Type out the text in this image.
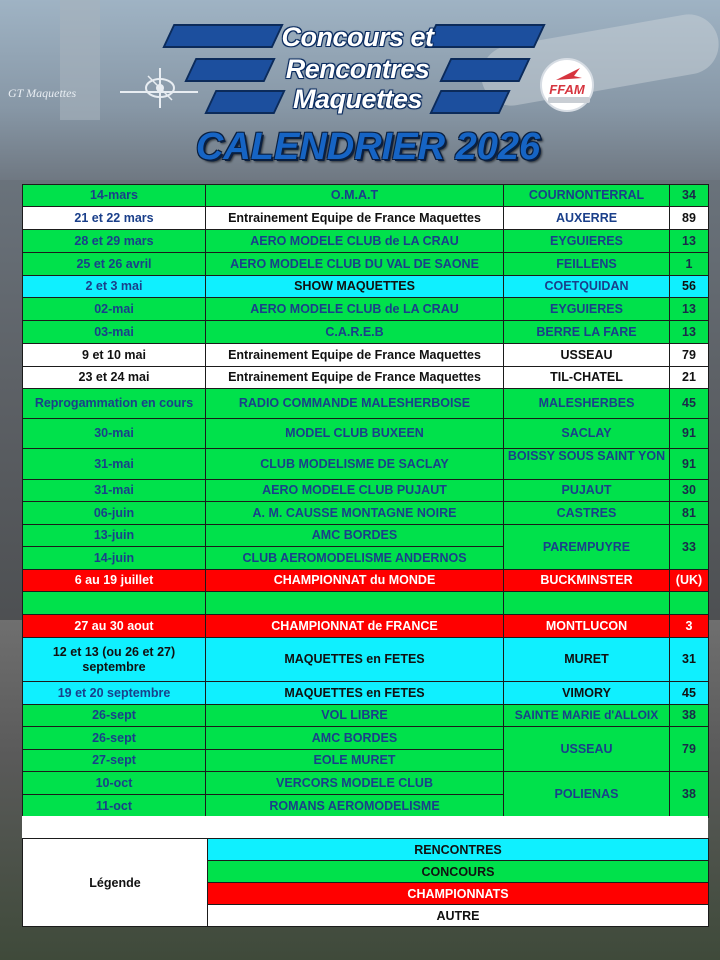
GT Maquettes
Concours et
Rencontres
Maquettes	FFAM
CALENDRIER 2026
14-mars	O.M.A.T	COURNONTERRAL	34
21 et 22 mars	Entrainement Equipe de France Maquettes	AUXERRE	89
28 et 29 mars	AERO MODELE CLUB de LA CRAU	EYGUIERES	13
25 et 26 avril	AERO MODELE CLUB DU VAL DE SAONE	FEILLENS	1
2 et 3 mai	SHOW MAQUETTES	COETQUIDAN	56
02-mai	AERO MODELE CLUB de LA CRAU	EYGUIERES	13
03-mai	C.A.R.E.B	BERRE LA FARE	13
9 et 10 mai	Entrainement Equipe de France Maquettes	USSEAU	79
23 et 24 mai	Entrainement Equipe de France Maquettes	TIL-CHATEL	21
Reprogammation en cours	RADIO COMMANDE MALESHERBOISE	MALESHERBES	45
30-mai	MODEL CLUB BUXEEN	SACLAY	91
31-mai	CLUB MODELISME DE SACLAY	BOISSY SOUS SAINT YON	91
31-mai	AERO MODELE CLUB PUJAUT	PUJAUT	30
06-juin	A. M. CAUSSE MONTAGNE NOIRE	CASTRES	81
13-juin	AMC BORDES	PAREMPUYRE	33
14-juin	CLUB AEROMODELISME ANDERNOS		
6 au 19 juillet	CHAMPIONNAT du MONDE	BUCKMINSTER	(UK)

27 au 30 aout	CHAMPIONNAT de FRANCE	MONTLUCON	3
12 et 13 (ou 26 et 27) septembre	MAQUETTES en FETES	MURET	31
19 et 20 septembre	MAQUETTES en FETES	VIMORY	45
26-sept	VOL LIBRE	SAINTE MARIE d'ALLOIX	38
26-sept	AMC BORDES	USSEAU	79
27-sept	EOLE MURET		
10-oct	VERCORS MODELE CLUB	POLIENAS	38
11-oct	ROMANS AEROMODELISME		
Légende	RENCONTRES
CONCOURS
CHAMPIONNATS
AUTRE
